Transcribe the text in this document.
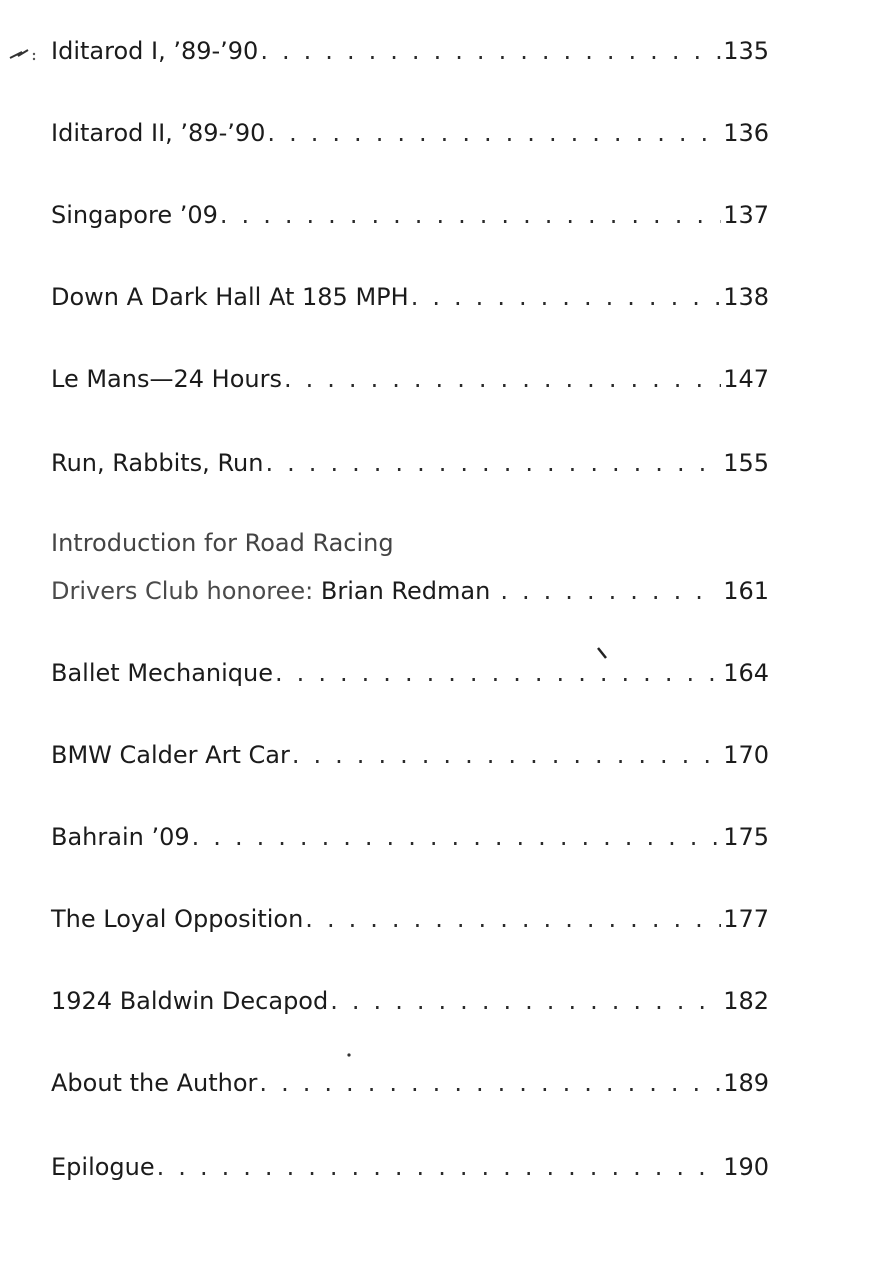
Iditarod I, ’89-’90 . . .	135
Iditarod II, ’89-’90 . . .	136
Singapore ’09 . . .	137
Down A Dark Hall At 185 MPH . . .	138
Le Mans—24 Hours . . .	147
Run, Rabbits, Run . . .	155
Introduction for Road Racing
Drivers Club honoree: Brian Redman . . .	161
Ballet Mechanique . . .	164
BMW Calder Art Car . . .	170
Bahrain ’09 . . .	175
The Loyal Opposition . . .	177
1924 Baldwin Decapod . . .	182
About the Author . . .	189
Epilogue . . .	190
